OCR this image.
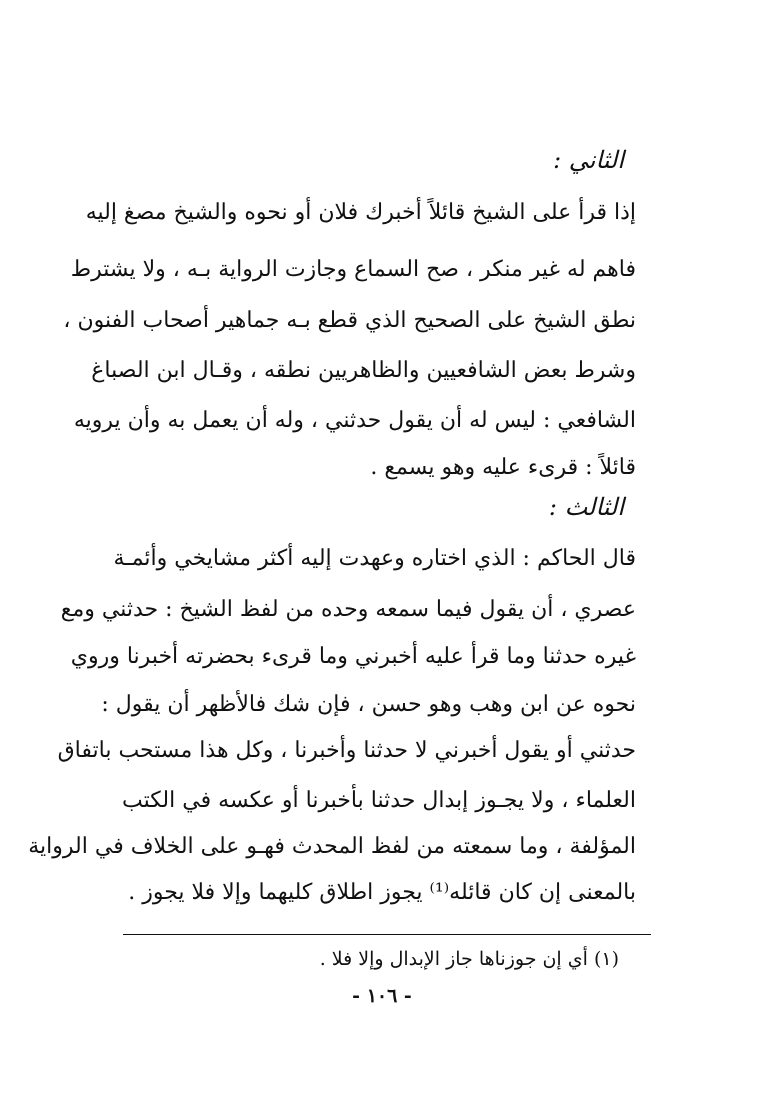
الثاني :
إذا قرأ على الشيخ قائلاً أخبرك فلان أو نحوه والشيخ مصغ إليه
فاهم له غير منكر ، صح السماع وجازت الرواية بـه ، ولا يشترط
نطق الشيخ على الصحيح الذي قطع بـه جماهير أصحاب الفنون ،
وشرط بعض الشافعيين والظاهريين نطقه ، وقـال ابن الصباغ
الشافعي : ليس له أن يقول حدثني ، وله أن يعمل به وأن يرويه
قائلاً : قرىء عليه وهو يسمع .
الثالث :
قال الحاكم : الذي اختاره وعهدت إليه أكثر مشايخي وأئمـة
عصري ، أن يقول فيما سمعه وحده من لفظ الشيخ : حدثني ومع
غيره حدثنا وما قرأ عليه أخبرني وما قرىء بحضرته أخبرنا وروي
نحوه عن ابن وهب وهو حسن ، فإن شك فالأظهر أن يقول :
حدثني أو يقول أخبرني لا حدثنا وأخبرنا ، وكل هذا مستحب باتفاق
العلماء ، ولا يجـوز إبدال حدثنا بأخبرنا أو عكسه في الكتب
المؤلفة ، وما سمعته من لفظ المحدث فهـو على الخلاف في الرواية
بالمعنى إن كان قائله⁽¹⁾ يجوز اطلاق كليهما وإلا فلا يجوز .
(١) أي إن جوزناها جاز الإبدال وإلا فلا .
- ١٠٦ -
